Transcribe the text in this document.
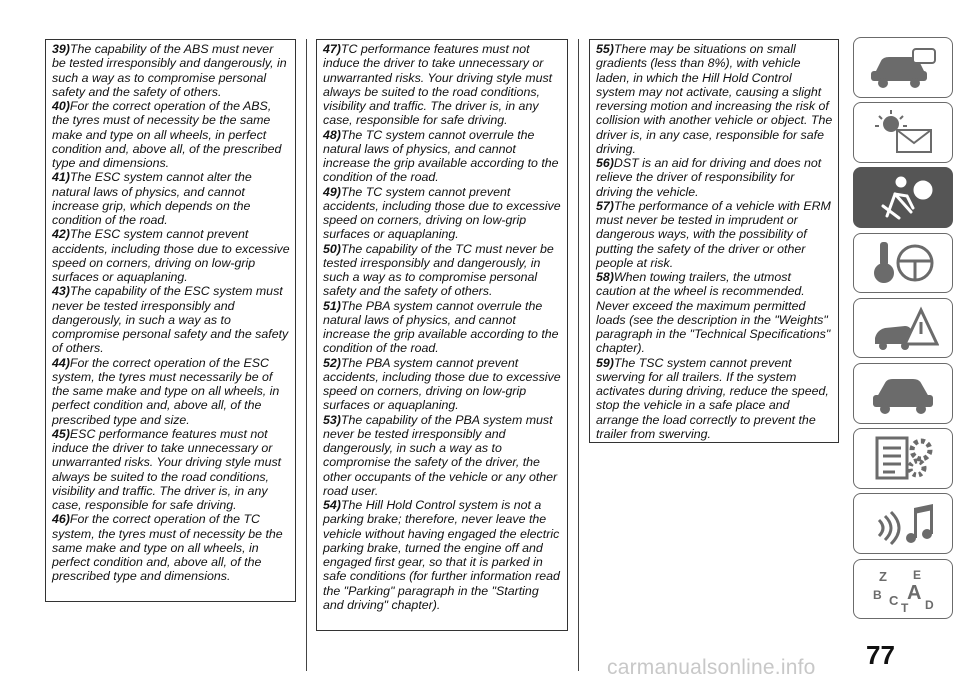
39)The capability of the ABS must never be tested irresponsibly and dangerously, in such a way as to compromise personal safety and the safety of others.

40)For the correct operation of the ABS, the tyres must of necessity be the same make and type on all wheels, in perfect condition and, above all, of the prescribed type and dimensions.

41)The ESC system cannot alter the natural laws of physics, and cannot increase grip, which depends on the condition of the road.

42)The ESC system cannot prevent accidents, including those due to excessive speed on corners, driving on low-grip surfaces or aquaplaning.

43)The capability of the ESC system must never be tested irresponsibly and dangerously, in such a way as to compromise personal safety and the safety of others.

44)For the correct operation of the ESC system, the tyres must necessarily be of the same make and type on all wheels, in perfect condition and, above all, of the prescribed type and size.

45)ESC performance features must not induce the driver to take unnecessary or unwarranted risks. Your driving style must always be suited to the road conditions, visibility and traffic. The driver is, in any case, responsible for safe driving.

46)For the correct operation of the TC system, the tyres must of necessity be the same make and type on all wheels, in perfect condition and, above all, of the prescribed type and dimensions.

47)TC performance features must not induce the driver to take unnecessary or unwarranted risks. Your driving style must always be suited to the road conditions, visibility and traffic. The driver is, in any case, responsible for safe driving.

48)The TC system cannot overrule the natural laws of physics, and cannot increase the grip available according to the condition of the road.

49)The TC system cannot prevent accidents, including those due to excessive speed on corners, driving on low-grip surfaces or aquaplaning.

50)The capability of the TC must never be tested irresponsibly and dangerously, in such a way as to compromise personal safety and the safety of others.

51)The PBA system cannot overrule the natural laws of physics, and cannot increase the grip available according to the condition of the road.

52)The PBA system cannot prevent accidents, including those due to excessive speed on corners, driving on low-grip surfaces or aquaplaning.

53)The capability of the PBA system must never be tested irresponsibly and dangerously, in such a way as to compromise the safety of the driver, the other occupants of the vehicle or any other road user.

54)The Hill Hold Control system is not a parking brake; therefore, never leave the vehicle without having engaged the electric parking brake, turned the engine off and engaged first gear, so that it is parked in safe conditions (for further information read the "Parking" paragraph in the "Starting and driving" chapter).

55)There may be situations on small gradients (less than 8%), with vehicle laden, in which the Hill Hold Control system may not activate, causing a slight reversing motion and increasing the risk of collision with another vehicle or object. The driver is, in any case, responsible for safe driving.

56)DST is an aid for driving and does not relieve the driver of responsibility for driving the vehicle.

57)The performance of a vehicle with ERM must never be tested in imprudent or dangerous ways, with the possibility of putting the safety of the driver or other people at risk.

58)When towing trailers, the utmost caution at the wheel is recommended. Never exceed the maximum permitted loads (see the description in the "Weights" paragraph in the "Technical Specifications" chapter).

59)The TSC system cannot prevent swerving for all trailers. If the system activates during driving, reduce the speed, stop the vehicle in a safe place and arrange the load correctly to prevent the trailer from swerving.

Z E
B A
C T D
77
carmanualsonline.info
